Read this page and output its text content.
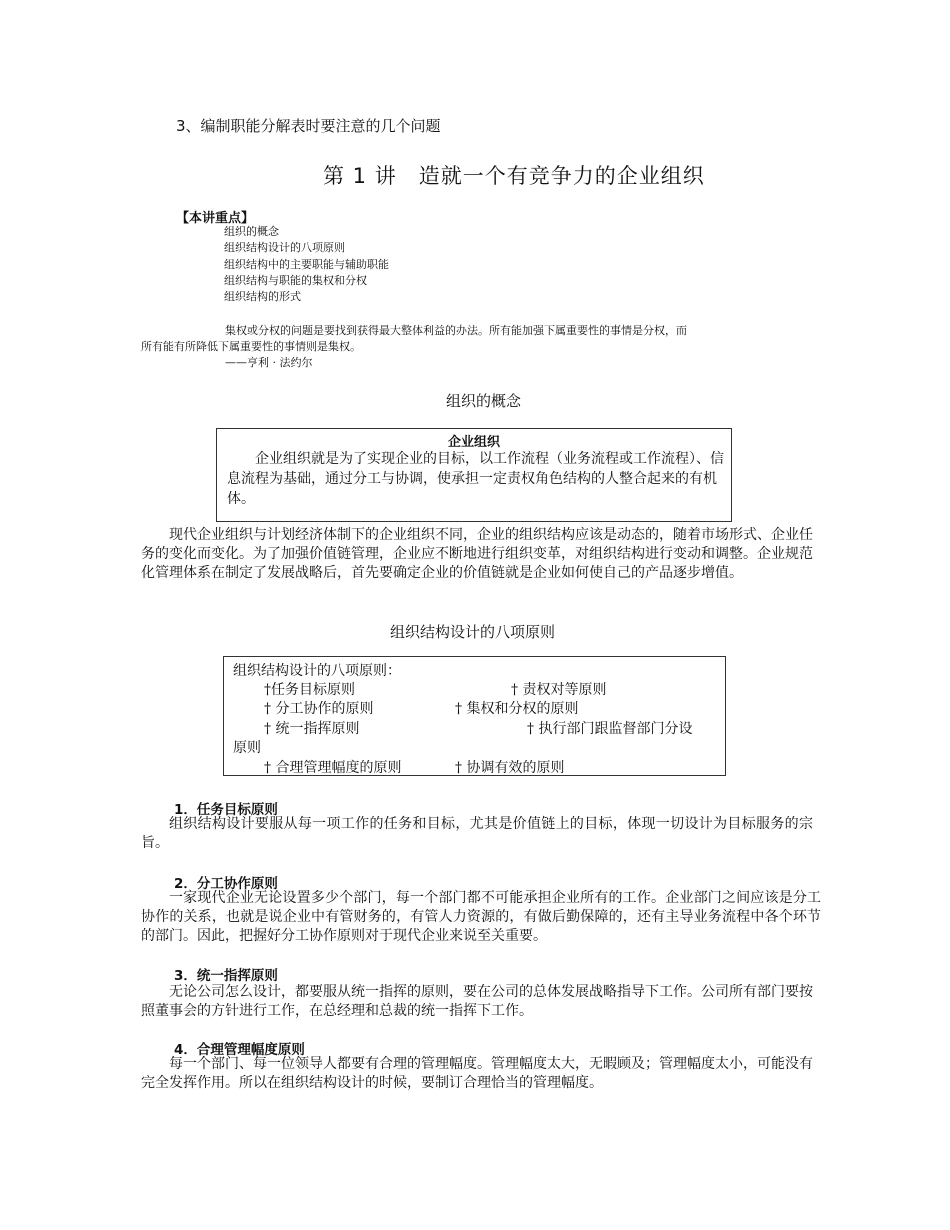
3、编制职能分解表时要注意的几个问题
第 1 讲　造就一个有竞争力的企业组织
【本讲重点】
组织的概念
组织结构设计的八项原则
组织结构中的主要职能与辅助职能
组织结构与职能的集权和分权
组织结构的形式
集权或分权的问题是要找到获得最大整体利益的办法。所有能加强下属重要性的事情是分权，而
所有能有所降低下属重要性的事情则是集权。
——亨利 · 法约尔
组织的概念
企业组织
企业组织就是为了实现企业的目标，以工作流程（业务流程或工作流程）、信息流程为基础，通过分工与协调，使承担一定责权角色结构的人整合起来的有机体。
现代企业组织与计划经济体制下的企业组织不同，企业的组织结构应该是动态的，随着市场形式、企业任务的变化而变化。为了加强价值链管理，企业应不断地进行组织变革，对组织结构进行变动和调整。企业规范化管理体系在制定了发展战略后，首先要确定企业的价值链就是企业如何使自己的产品逐步增值。
组织结构设计的八项原则
组织结构设计的八项原则：
†任务目标原则	† 责权对等原则
† 分工协作的原则	† 集权和分权的原则
† 统一指挥原则	† 执行部门跟监督部门分设
原则
† 合理管理幅度的原则	† 协调有效的原则
1．任务目标原则
组织结构设计要服从每一项工作的任务和目标，尤其是价值链上的目标，体现一切设计为目标服务的宗旨。
2．分工协作原则
一家现代企业无论设置多少个部门，每一个部门都不可能承担企业所有的工作。企业部门之间应该是分工协作的关系，也就是说企业中有管财务的，有管人力资源的，有做后勤保障的，还有主导业务流程中各个环节的部门。因此，把握好分工协作原则对于现代企业来说至关重要。
3．统一指挥原则
无论公司怎么设计，都要服从统一指挥的原则，要在公司的总体发展战略指导下工作。公司所有部门要按照董事会的方针进行工作，在总经理和总裁的统一指挥下工作。
4．合理管理幅度原则
每一个部门、每一位领导人都要有合理的管理幅度。管理幅度太大，无暇顾及；管理幅度太小，可能没有完全发挥作用。所以在组织结构设计的时候，要制订合理恰当的管理幅度。
